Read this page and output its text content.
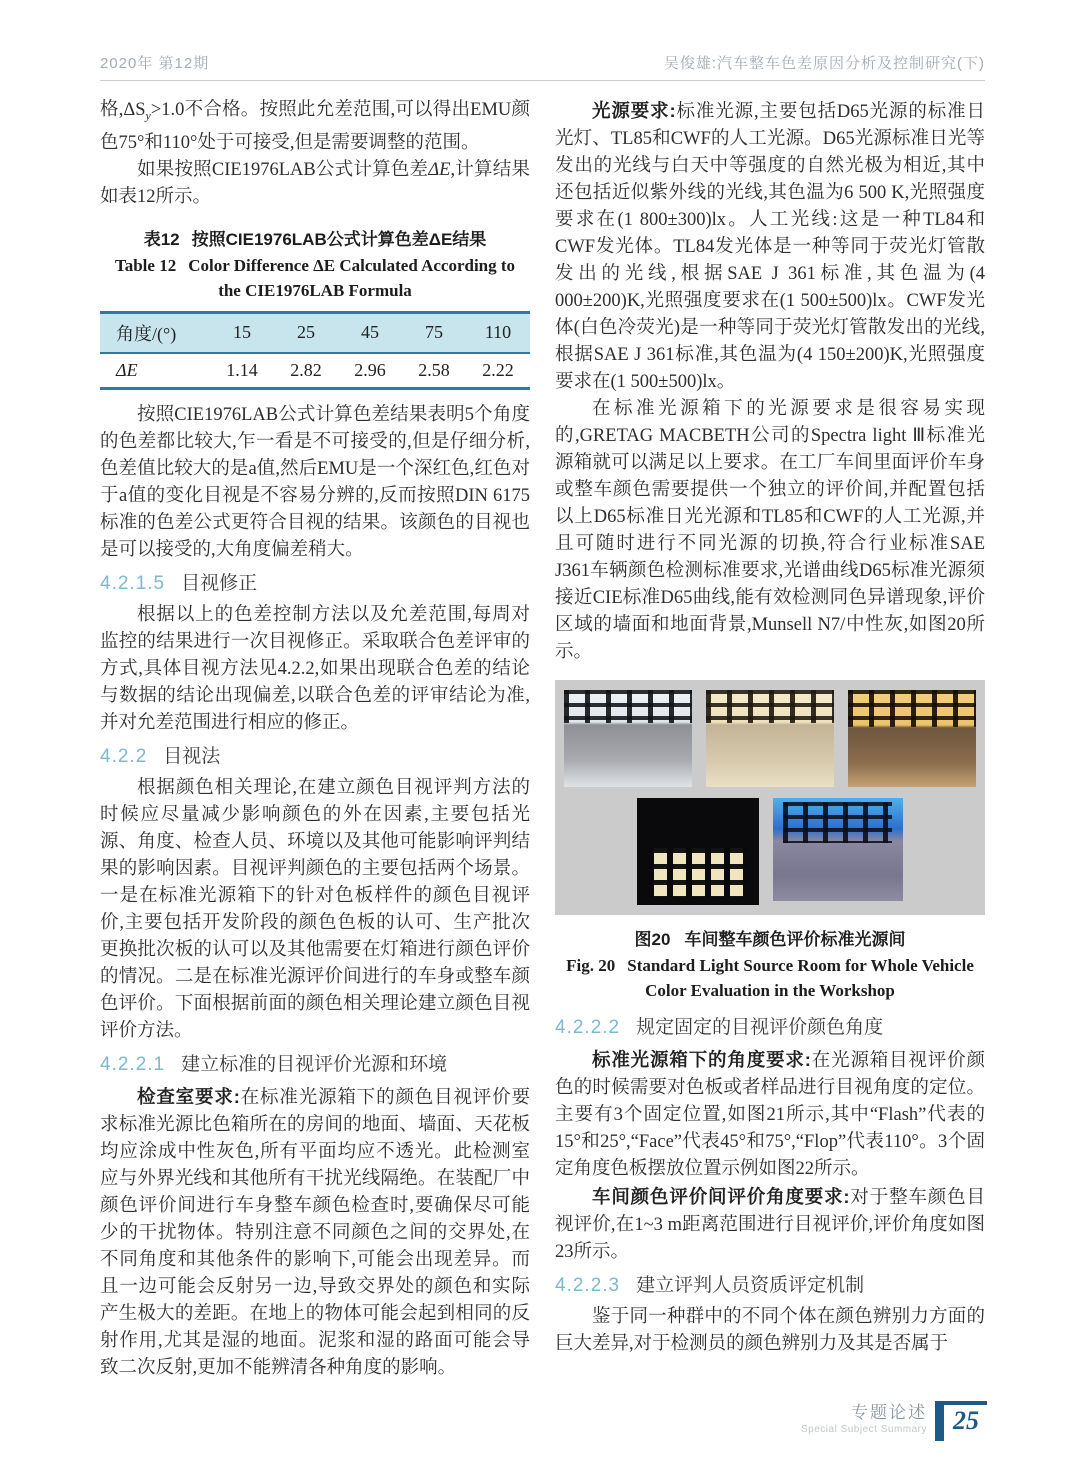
2020年 第12期	吴俊雄:汽车整车色差原因分析及控制研究(下)

格$,\Delta S_y>1.0$不合格。按照此允差范围,可以得出EMU颜色75°和110°处于可接受,但是需要调整的范围。

如果按照CIE1976LAB公式计算色差ΔE,计算结果如表12所示。

表12 按照CIE1976LAB公式计算色差ΔE结果
Table 12 Color Difference ΔE Calculated According to
the CIE1976LAB Formula
角度/(°)	15	25	45	75	110
ΔE	1.14	2.82	2.96	2.58	2.22

按照CIE1976LAB公式计算色差结果表明5个角度的色差都比较大,乍一看是不可接受的,但是仔细分析,色差值比较大的是a值,然后EMU是一个深红色,红色对于a值的变化目视是不容易分辨的,反而按照DIN 6175标准的色差公式更符合目视的结果。该颜色的目视也是可以接受的,大角度偏差稍大。

4.2.1.5 目视修正

根据以上的色差控制方法以及允差范围,每周对监控的结果进行一次目视修正。采取联合色差评审的方式,具体目视方法见4.2.2,如果出现联合色差的结论与数据的结论出现偏差,以联合色差的评审结论为准,并对允差范围进行相应的修正。

4.2.2 目视法

根据颜色相关理论,在建立颜色目视评判方法的时候应尽量减少影响颜色的外在因素,主要包括光源、角度、检查人员、环境以及其他可能影响评判结果的影响因素。目视评判颜色的主要包括两个场景。一是在标准光源箱下的针对色板样件的颜色目视评价,主要包括开发阶段的颜色色板的认可、生产批次更换批次板的认可以及其他需要在灯箱进行颜色评价的情况。二是在标准光源评价间进行的车身或整车颜色评价。下面根据前面的颜色相关理论建立颜色目视评价方法。

4.2.2.1 建立标准的目视评价光源和环境

检查室要求:在标准光源箱下的颜色目视评价要求标准光源比色箱所在的房间的地面、墙面、天花板均应涂成中性灰色,所有平面均应不透光。此检测室应与外界光线和其他所有干扰光线隔绝。在装配厂中颜色评价间进行车身整车颜色检查时,要确保尽可能少的干扰物体。特别注意不同颜色之间的交界处,在不同角度和其他条件的影响下,可能会出现差异。而且一边可能会反射另一边,导致交界处的颜色和实际产生极大的差距。在地上的物体可能会起到相同的反射作用,尤其是湿的地面。泥浆和湿的路面可能会导致二次反射,更加不能辨清各种角度的影响。

光源要求:标准光源,主要包括D65光源的标准日光灯、TL85和CWF的人工光源。D65光源标准日光等发出的光线与白天中等强度的自然光极为相近,其中还包括近似紫外线的光线,其色温为6 500 K,光照强度要求在(1 800±300)lx。人工光线:这是一种TL84和CWF发光体。TL84发光体是一种等同于荧光灯管散发出的光线,根据SAE J 361标准,其色温为(4 000±200)K,光照强度要求在(1 500±500)lx。CWF发光体(白色冷荧光)是一种等同于荧光灯管散发出的光线,根据SAE J 361标准,其色温为(4 150±200)K,光照强度要求在(1 500±500)lx。

在标准光源箱下的光源要求是很容易实现的,GRETAG MACBETH公司的Spectra light Ⅲ标准光源箱就可以满足以上要求。在工厂车间里面评价车身或整车颜色需要提供一个独立的评价间,并配置包括以上D65标准日光光源和TL85和CWF的人工光源,并且可随时进行不同光源的切换,符合行业标准SAE J361车辆颜色检测标准要求,光谱曲线D65标准光源须接近CIE标准D65曲线,能有效检测同色异谱现象,评价区域的墙面和地面背景,Munsell N7/中性灰,如图20所示。

图20 车间整车颜色评价标准光源间
Fig. 20 Standard Light Source Room for Whole Vehicle
Color Evaluation in the Workshop
4.2.2.2 规定固定的目视评价颜色角度

标准光源箱下的角度要求:在光源箱目视评价颜色的时候需要对色板或者样品进行目视角度的定位。主要有3个固定位置,如图21所示,其中“Flash”代表的15°和25°,“Face”代表45°和75°,“Flop”代表110°。3个固定角度色板摆放位置示例如图22所示。

车间颜色评价间评价角度要求:对于整车颜色目视评价,在1~3 m距离范围进行目视评价,评价角度如图23所示。

4.2.2.3 建立评判人员资质评定机制

鉴于同一种群中的不同个体在颜色辨别力方面的巨大差异,对于检测员的颜色辨别力及其是否属于

专题论述
Special Subject Summary	25
